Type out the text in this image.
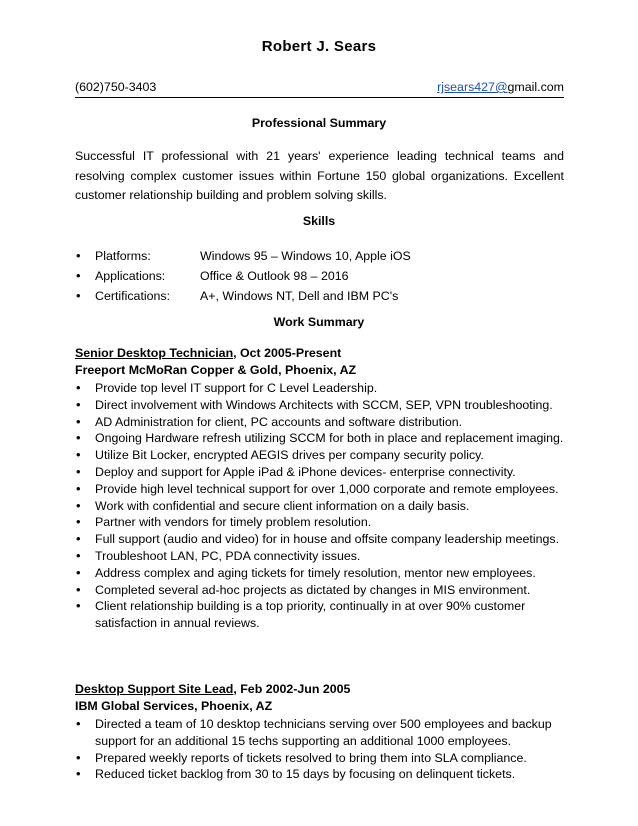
Robert J. Sears
(602)750-3403	rjsears427@gmail.com
Professional Summary
Successful IT professional with 21 years' experience leading technical teams and resolving complex customer issues within Fortune 150 global organizations. Excellent customer relationship building and problem solving skills.
Skills
• Platforms:	Windows 95 – Windows 10, Apple iOS
• Applications:	Office & Outlook 98 – 2016
• Certifications: A+, Windows NT, Dell and IBM PC's
Work Summary
Senior Desktop Technician, Oct 2005-Present
Freeport McMoRan Copper & Gold, Phoenix, AZ
• Provide top level IT support for C Level Leadership.
• Direct involvement with Windows Architects with SCCM, SEP, VPN troubleshooting.
• AD Administration for client, PC accounts and software distribution.
• Ongoing Hardware refresh utilizing SCCM for both in place and replacement imaging.
• Utilize Bit Locker, encrypted AEGIS drives per company security policy.
• Deploy and support for Apple iPad & iPhone devices- enterprise connectivity.
• Provide high level technical support for over 1,000 corporate and remote employees.
• Work with confidential and secure client information on a daily basis.
• Partner with vendors for timely problem resolution.
• Full support (audio and video) for in house and offsite company leadership meetings.
• Troubleshoot LAN, PC, PDA connectivity issues.
• Address complex and aging tickets for timely resolution, mentor new employees.
• Completed several ad-hoc projects as dictated by changes in MIS environment.
• Client relationship building is a top priority, continually in at over 90% customer satisfaction in annual reviews.
Desktop Support Site Lead, Feb 2002-Jun 2005
IBM Global Services, Phoenix, AZ
• Directed a team of 10 desktop technicians serving over 500 employees and backup support for an additional 15 techs supporting an additional 1000 employees.
• Prepared weekly reports of tickets resolved to bring them into SLA compliance.
• Reduced ticket backlog from 30 to 15 days by focusing on delinquent tickets.
